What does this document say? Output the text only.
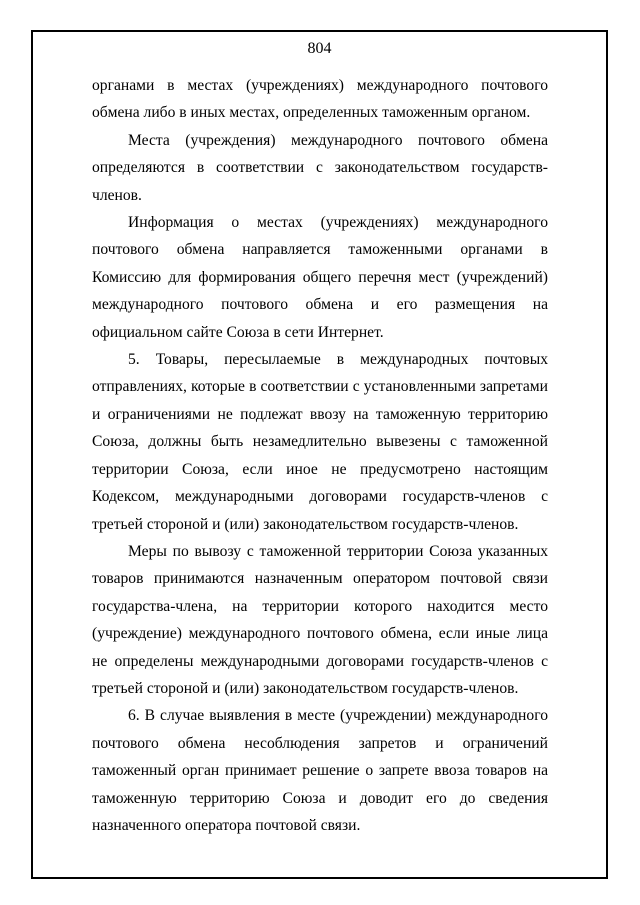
804

органами в местах (учреждениях) международного почтового обмена либо в иных местах, определенных таможенным органом.

Места (учреждения) международного почтового обмена определяются в соответствии с законодательством государств-членов.

Информация о местах (учреждениях) международного почтового обмена направляется таможенными органами в Комиссию для формирования общего перечня мест (учреждений) международного почтового обмена и его размещения на официальном сайте Союза в сети Интернет.

5. Товары, пересылаемые в международных почтовых отправлениях, которые в соответствии с установленными запретами и ограничениями не подлежат ввозу на таможенную территорию Союза, должны быть незамедлительно вывезены с таможенной территории Союза, если иное не предусмотрено настоящим Кодексом, международными договорами государств-членов с третьей стороной и (или) законодательством государств-членов.

Меры по вывозу с таможенной территории Союза указанных товаров принимаются назначенным оператором почтовой связи государства-члена, на территории которого находится место (учреждение) международного почтового обмена, если иные лица не определены международными договорами государств-членов с третьей стороной и (или) законодательством государств-членов.

6. В случае выявления в месте (учреждении) международного почтового обмена несоблюдения запретов и ограничений таможенный орган принимает решение о запрете ввоза товаров на таможенную территорию Союза и доводит его до сведения назначенного оператора почтовой связи.
